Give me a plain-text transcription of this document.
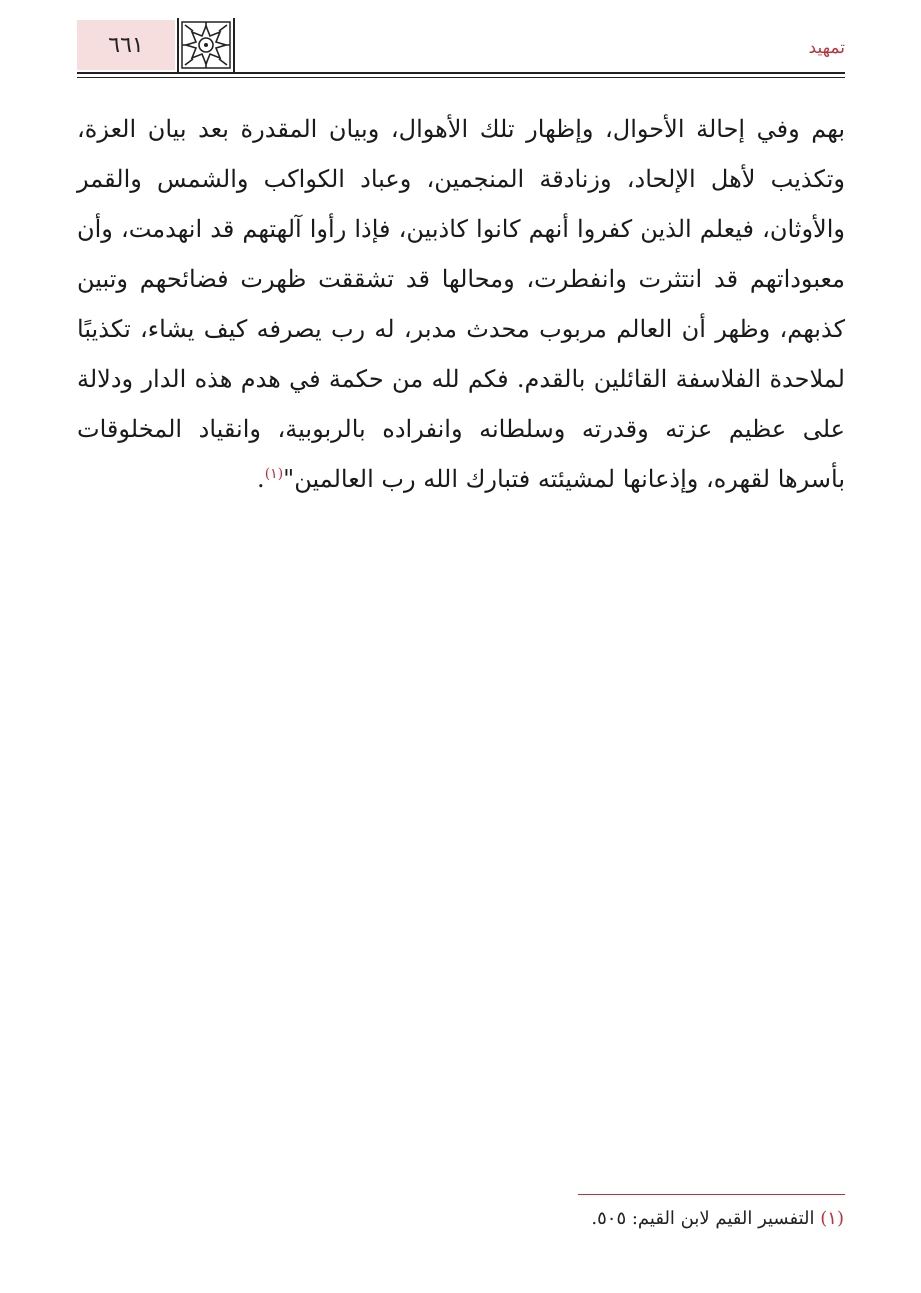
٦٦١	تمهيد

بهم وفي إحالة الأحوال، وإظهار تلك الأهوال، وبيان المقدرة بعد بيان العزة، وتكذيب لأهل الإلحاد، وزنادقة المنجمين، وعباد الكواكب والشمس والقمر والأوثان، فيعلم الذين كفروا أنهم كانوا كاذبين، فإذا رأوا آلهتهم قد انهدمت، وأن معبوداتهم قد انتثرت وانفطرت، ومحالها قد تشققت ظهرت فضائحهم وتبين كذبهم، وظهر أن العالم مربوب محدث مدبر، له رب يصرفه كيف يشاء، تكذيبًا لملاحدة الفلاسفة القائلين بالقدم. فكم لله من حكمة في هدم هذه الدار ودلالة على عظيم عزته وقدرته وسلطانه وانفراده بالربوبية، وانقياد المخلوقات بأسرها لقهره، وإذعانها لمشيئته فتبارك الله رب العالمين"$^{(١)}$.

(١) التفسير القيم لابن القيم: ٥٠٥.
